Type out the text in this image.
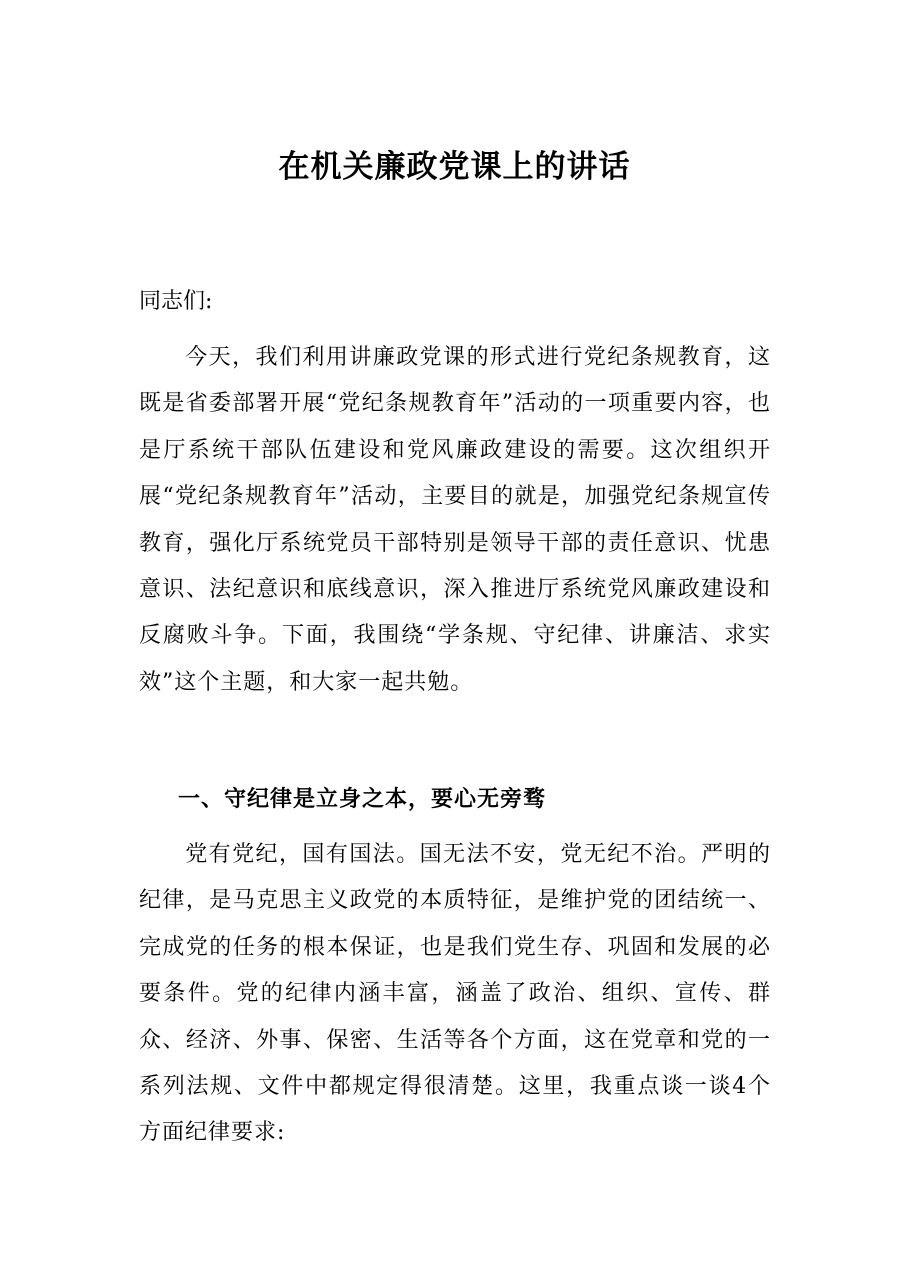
在机关廉政党课上的讲话
同志们:
今天，我们利用讲廉政党课的形式进行党纪条规教育，这既是省委部署开展“党纪条规教育年”活动的一项重要内容，也是厅系统干部队伍建设和党风廉政建设的需要。这次组织开展“党纪条规教育年”活动，主要目的就是，加强党纪条规宣传教育，强化厅系统党员干部特别是领导干部的责任意识、忧患意识、法纪意识和底线意识，深入推进厅系统党风廉政建设和反腐败斗争。下面，我围绕“学条规、守纪律、讲廉洁、求实效”这个主题，和大家一起共勉。
一、守纪律是立身之本，要心无旁骛
党有党纪，国有国法。国无法不安，党无纪不治。严明的纪律，是马克思主义政党的本质特征，是维护党的团结统一、完成党的任务的根本保证，也是我们党生存、巩固和发展的必要条件。党的纪律内涵丰富，涵盖了政治、组织、宣传、群众、经济、外事、保密、生活等各个方面，这在党章和党的一系列法规、文件中都规定得很清楚。这里，我重点谈一谈4个方面纪律要求:
